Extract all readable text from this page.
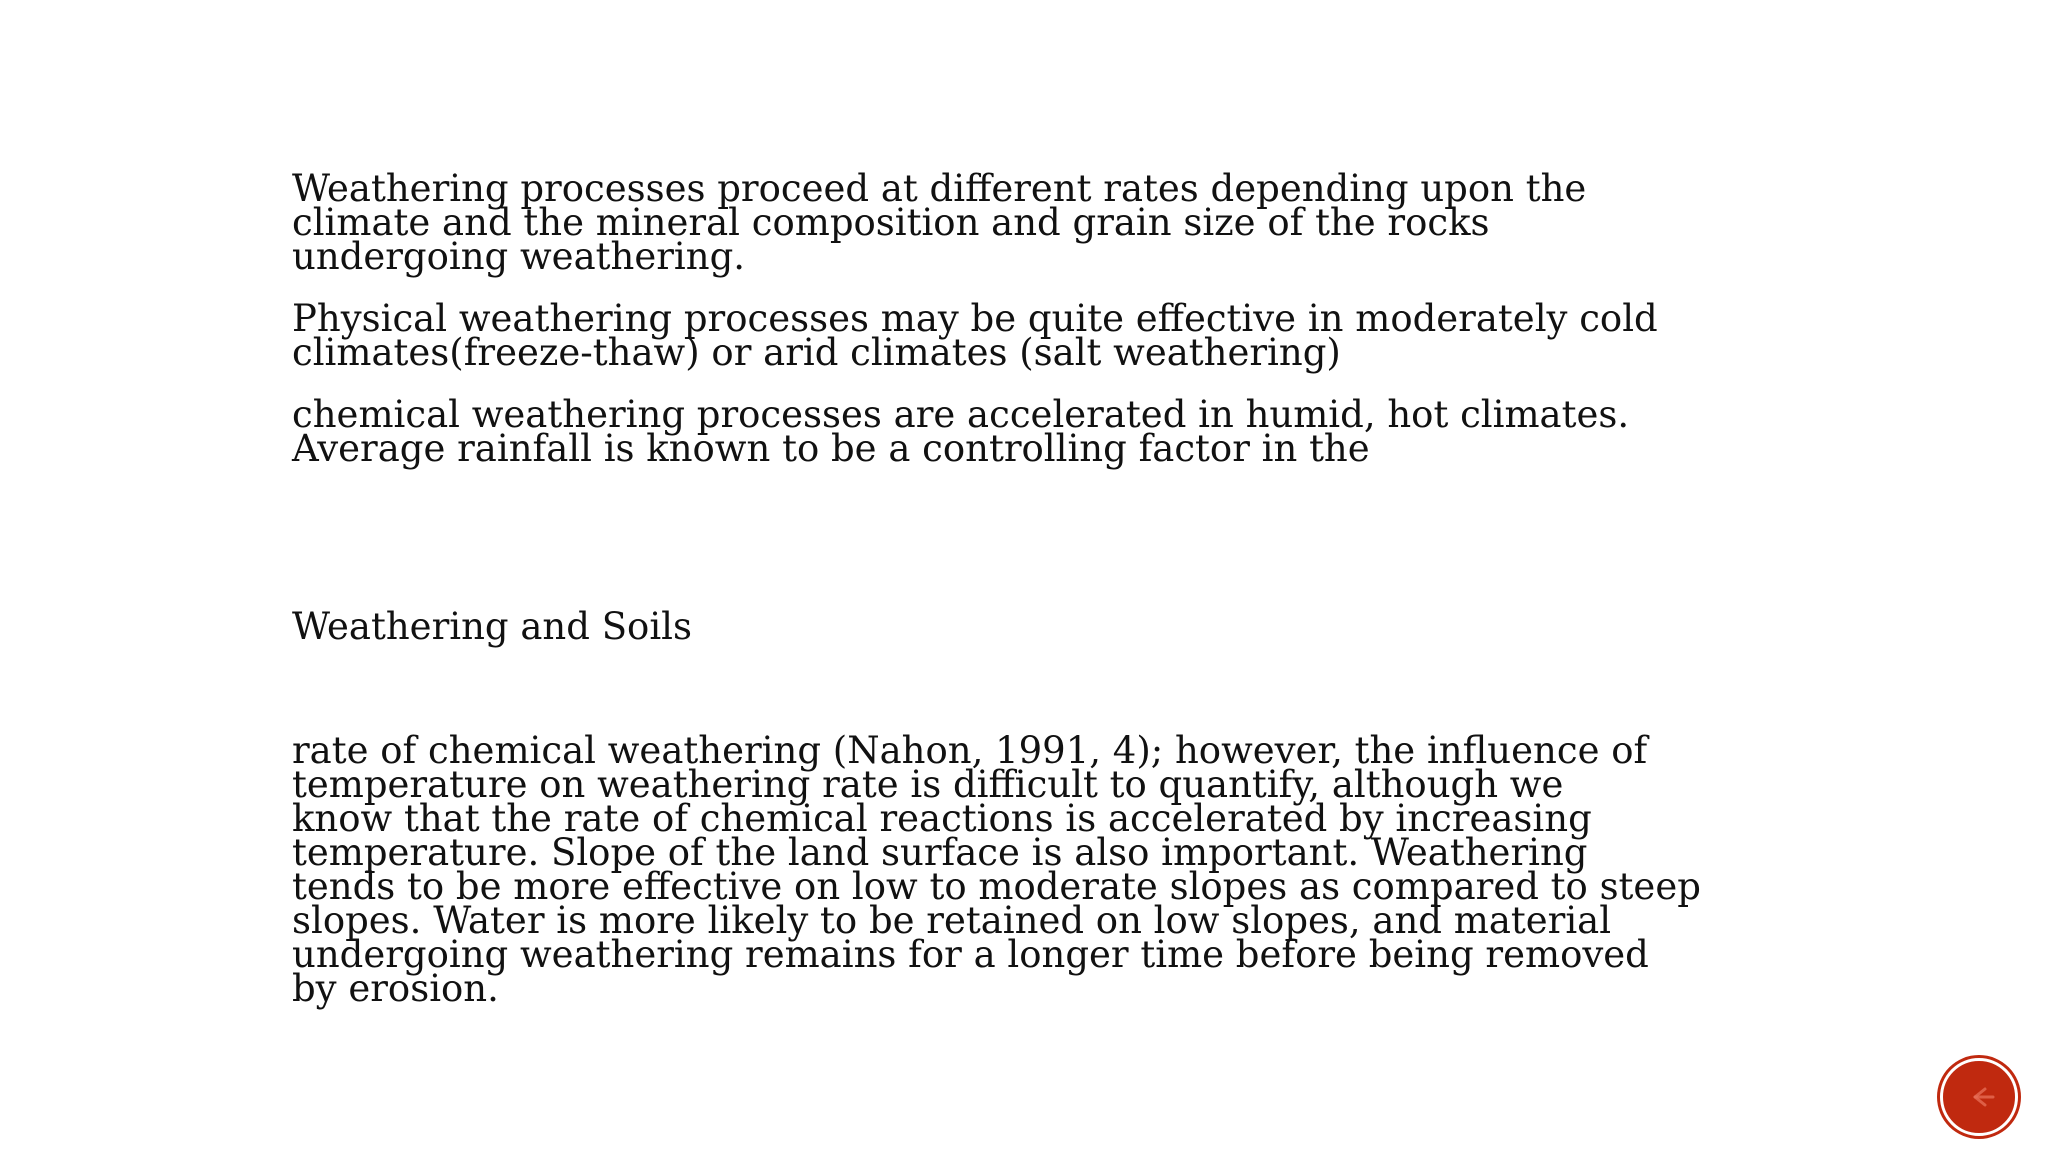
Weathering processes proceed at different rates depending upon the
climate and the mineral composition and grain size of the rocks
undergoing weathering.

Physical weathering processes may be quite effective in moderately cold
climates(freeze-thaw) or arid climates (salt weathering)

chemical weathering processes are accelerated in humid, hot climates.
Average rainfall is known to be a controlling factor in the

Weathering and Soils

rate of chemical weathering (Nahon, 1991, 4); however, the influence of
temperature on weathering rate is difficult to quantify, although we
know that the rate of chemical reactions is accelerated by increasing
temperature. Slope of the land surface is also important. Weathering
tends to be more effective on low to moderate slopes as compared to steep
slopes. Water is more likely to be retained on low slopes, and material
undergoing weathering remains for a longer time before being removed
by erosion.
